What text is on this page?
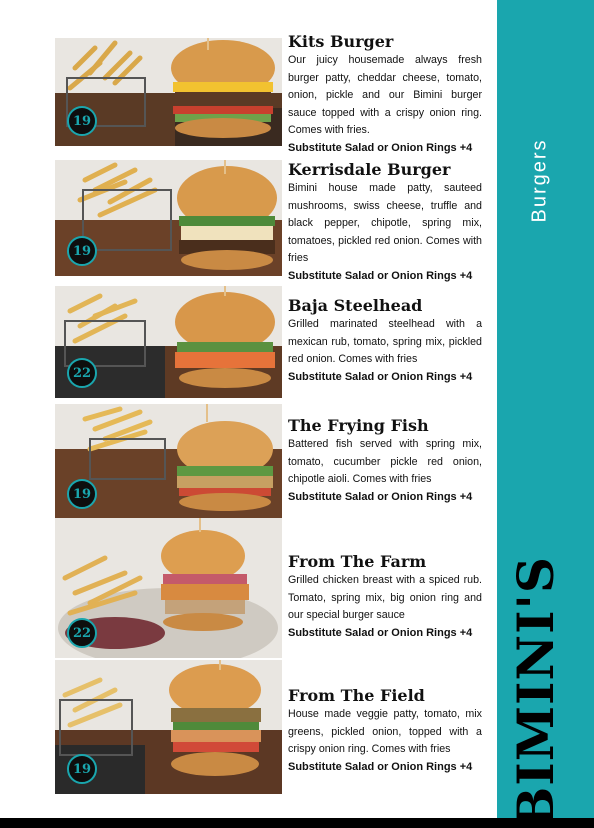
Burgers
BIMINI'S
19
Kits Burger
Our juicy housemade always fresh burger patty, cheddar cheese, tomato, onion, pickle and our Bimini burger sauce topped with a crispy onion ring. Comes with fries.
Substitute Salad or Onion Rings +4
19
Kerrisdale Burger
Bimini house made patty, sauteed mushrooms, swiss cheese, truffle and black pepper, chipotle, spring mix, tomatoes, pickled red onion. Comes with fries
Substitute Salad or Onion Rings +4
22
Baja Steelhead
Grilled marinated steelhead with a mexican rub, tomato, spring mix, pickled red onion. Comes with fries
Substitute Salad or Onion Rings +4
19
The Frying Fish
Battered fish served with spring mix, tomato, cucumber pickle red onion, chipotle aioli. Comes with fries
Substitute Salad or Onion Rings +4
22
From The Farm
Grilled chicken breast with a spiced rub. Tomato, spring mix, big onion ring and our special burger sauce
Substitute Salad or Onion Rings +4
19
From The Field
House made veggie patty, tomato, mix greens, pickled onion, topped with a crispy onion ring. Comes with fries
Substitute Salad or Onion Rings +4
